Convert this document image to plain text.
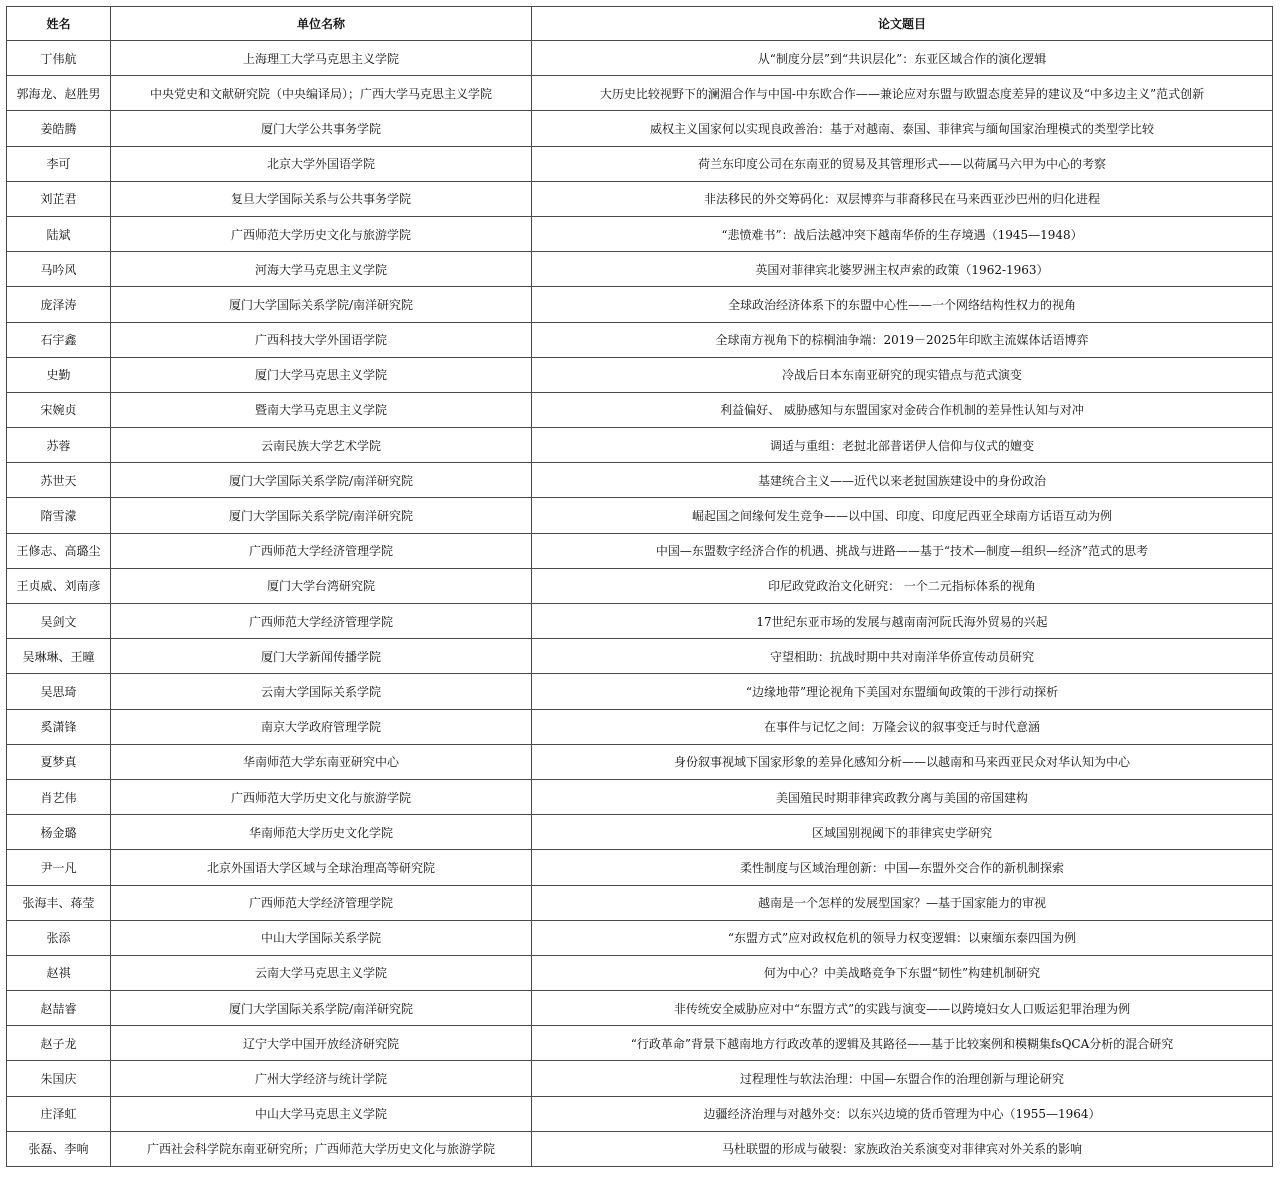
姓名	单位名称	论文题目
丁伟航	上海理工大学马克思主义学院	从“制度分层”到“共识层化”：东亚区域合作的演化逻辑
郭海龙、赵胜男	中央党史和文献研究院（中央编译局）；广西大学马克思主义学院	大历史比较视野下的澜湄合作与中国-中东欧合作——兼论应对东盟与欧盟态度差异的建议及“中多边主义”范式创新
姜皓腾	厦门大学公共事务学院	威权主义国家何以实现良政善治：基于对越南、泰国、菲律宾与缅甸国家治理模式的类型学比较
李可	北京大学外国语学院	荷兰东印度公司在东南亚的贸易及其管理形式——以荷属马六甲为中心的考察
刘芷君	复旦大学国际关系与公共事务学院	非法移民的外交筹码化：双层博弈与菲裔移民在马来西亚沙巴州的归化进程
陆斌	广西师范大学历史文化与旅游学院	“悲愤难书”：战后法越冲突下越南华侨的生存境遇（1945—1948）
马吟风	河海大学马克思主义学院	英国对菲律宾北婆罗洲主权声索的政策（1962-1963）
庞泽涛	厦门大学国际关系学院/南洋研究院	全球政治经济体系下的东盟中心性——一个网络结构性权力的视角
石宇鑫	广西科技大学外国语学院	全球南方视角下的棕榈油争端：2019－2025年印欧主流媒体话语博弈
史勤	厦门大学马克思主义学院	冷战后日本东南亚研究的现实错点与范式演变
宋婉贞	暨南大学马克思主义学院	利益偏好、 威胁感知与东盟国家对金砖合作机制的差异性认知与对冲
苏蓉	云南民族大学艺术学院	调适与重组：老挝北部普诺伊人信仰与仪式的嬗变
苏世天	厦门大学国际关系学院/南洋研究院	基建统合主义——近代以来老挝国族建设中的身份政治
隋雪濛	厦门大学国际关系学院/南洋研究院	崛起国之间缘何发生竞争——以中国、印度、印度尼西亚全球南方话语互动为例
王修志、高璐尘	广西师范大学经济管理学院	中国—东盟数字经济合作的机遇、挑战与进路——基于“技术—制度—组织—经济”范式的思考
王贞威、刘南彦	厦门大学台湾研究院	印尼政党政治文化研究： 一个二元指标体系的视角
吴剑文	广西师范大学经济管理学院	17世纪东亚市场的发展与越南南河阮氏海外贸易的兴起
吴琳琳、王曈	厦门大学新闻传播学院	守望相助：抗战时期中共对南洋华侨宣传动员研究
吴思琦	云南大学国际关系学院	“边缘地带”理论视角下美国对东盟缅甸政策的干涉行动探析
奚潇锋	南京大学政府管理学院	在事件与记忆之间：万隆会议的叙事变迁与时代意涵
夏梦真	华南师范大学东南亚研究中心	身份叙事视域下国家形象的差异化感知分析——以越南和马来西亚民众对华认知为中心
肖艺伟	广西师范大学历史文化与旅游学院	美国殖民时期菲律宾政教分离与美国的帝国建构
杨金璐	华南师范大学历史文化学院	区域国别视阈下的菲律宾史学研究
尹一凡	北京外国语大学区域与全球治理高等研究院	柔性制度与区域治理创新：中国—东盟外交合作的新机制探索
张海丰、蒋莹	广西师范大学经济管理学院	越南是一个怎样的发展型国家？—基于国家能力的审视
张添	中山大学国际关系学院	“东盟方式”应对政权危机的领导力权变逻辑：以柬缅东泰四国为例
赵祺	云南大学马克思主义学院	何为中心？中美战略竞争下东盟“韧性”构建机制研究
赵喆睿	厦门大学国际关系学院/南洋研究院	非传统安全威胁应对中“东盟方式”的实践与演变——以跨境妇女人口贩运犯罪治理为例
赵子龙	辽宁大学中国开放经济研究院	“行政革命”背景下越南地方行政改革的逻辑及其路径——基于比较案例和模糊集fsQCA分析的混合研究
朱国庆	广州大学经济与统计学院	过程理性与软法治理：中国—东盟合作的治理创新与理论研究
庄泽虹	中山大学马克思主义学院	边疆经济治理与对越外交：以东兴边境的货币管理为中心（1955—1964）
张磊、李响	广西社会科学院东南亚研究所；广西师范大学历史文化与旅游学院	马杜联盟的形成与破裂：家族政治关系演变对菲律宾对外关系的影响
